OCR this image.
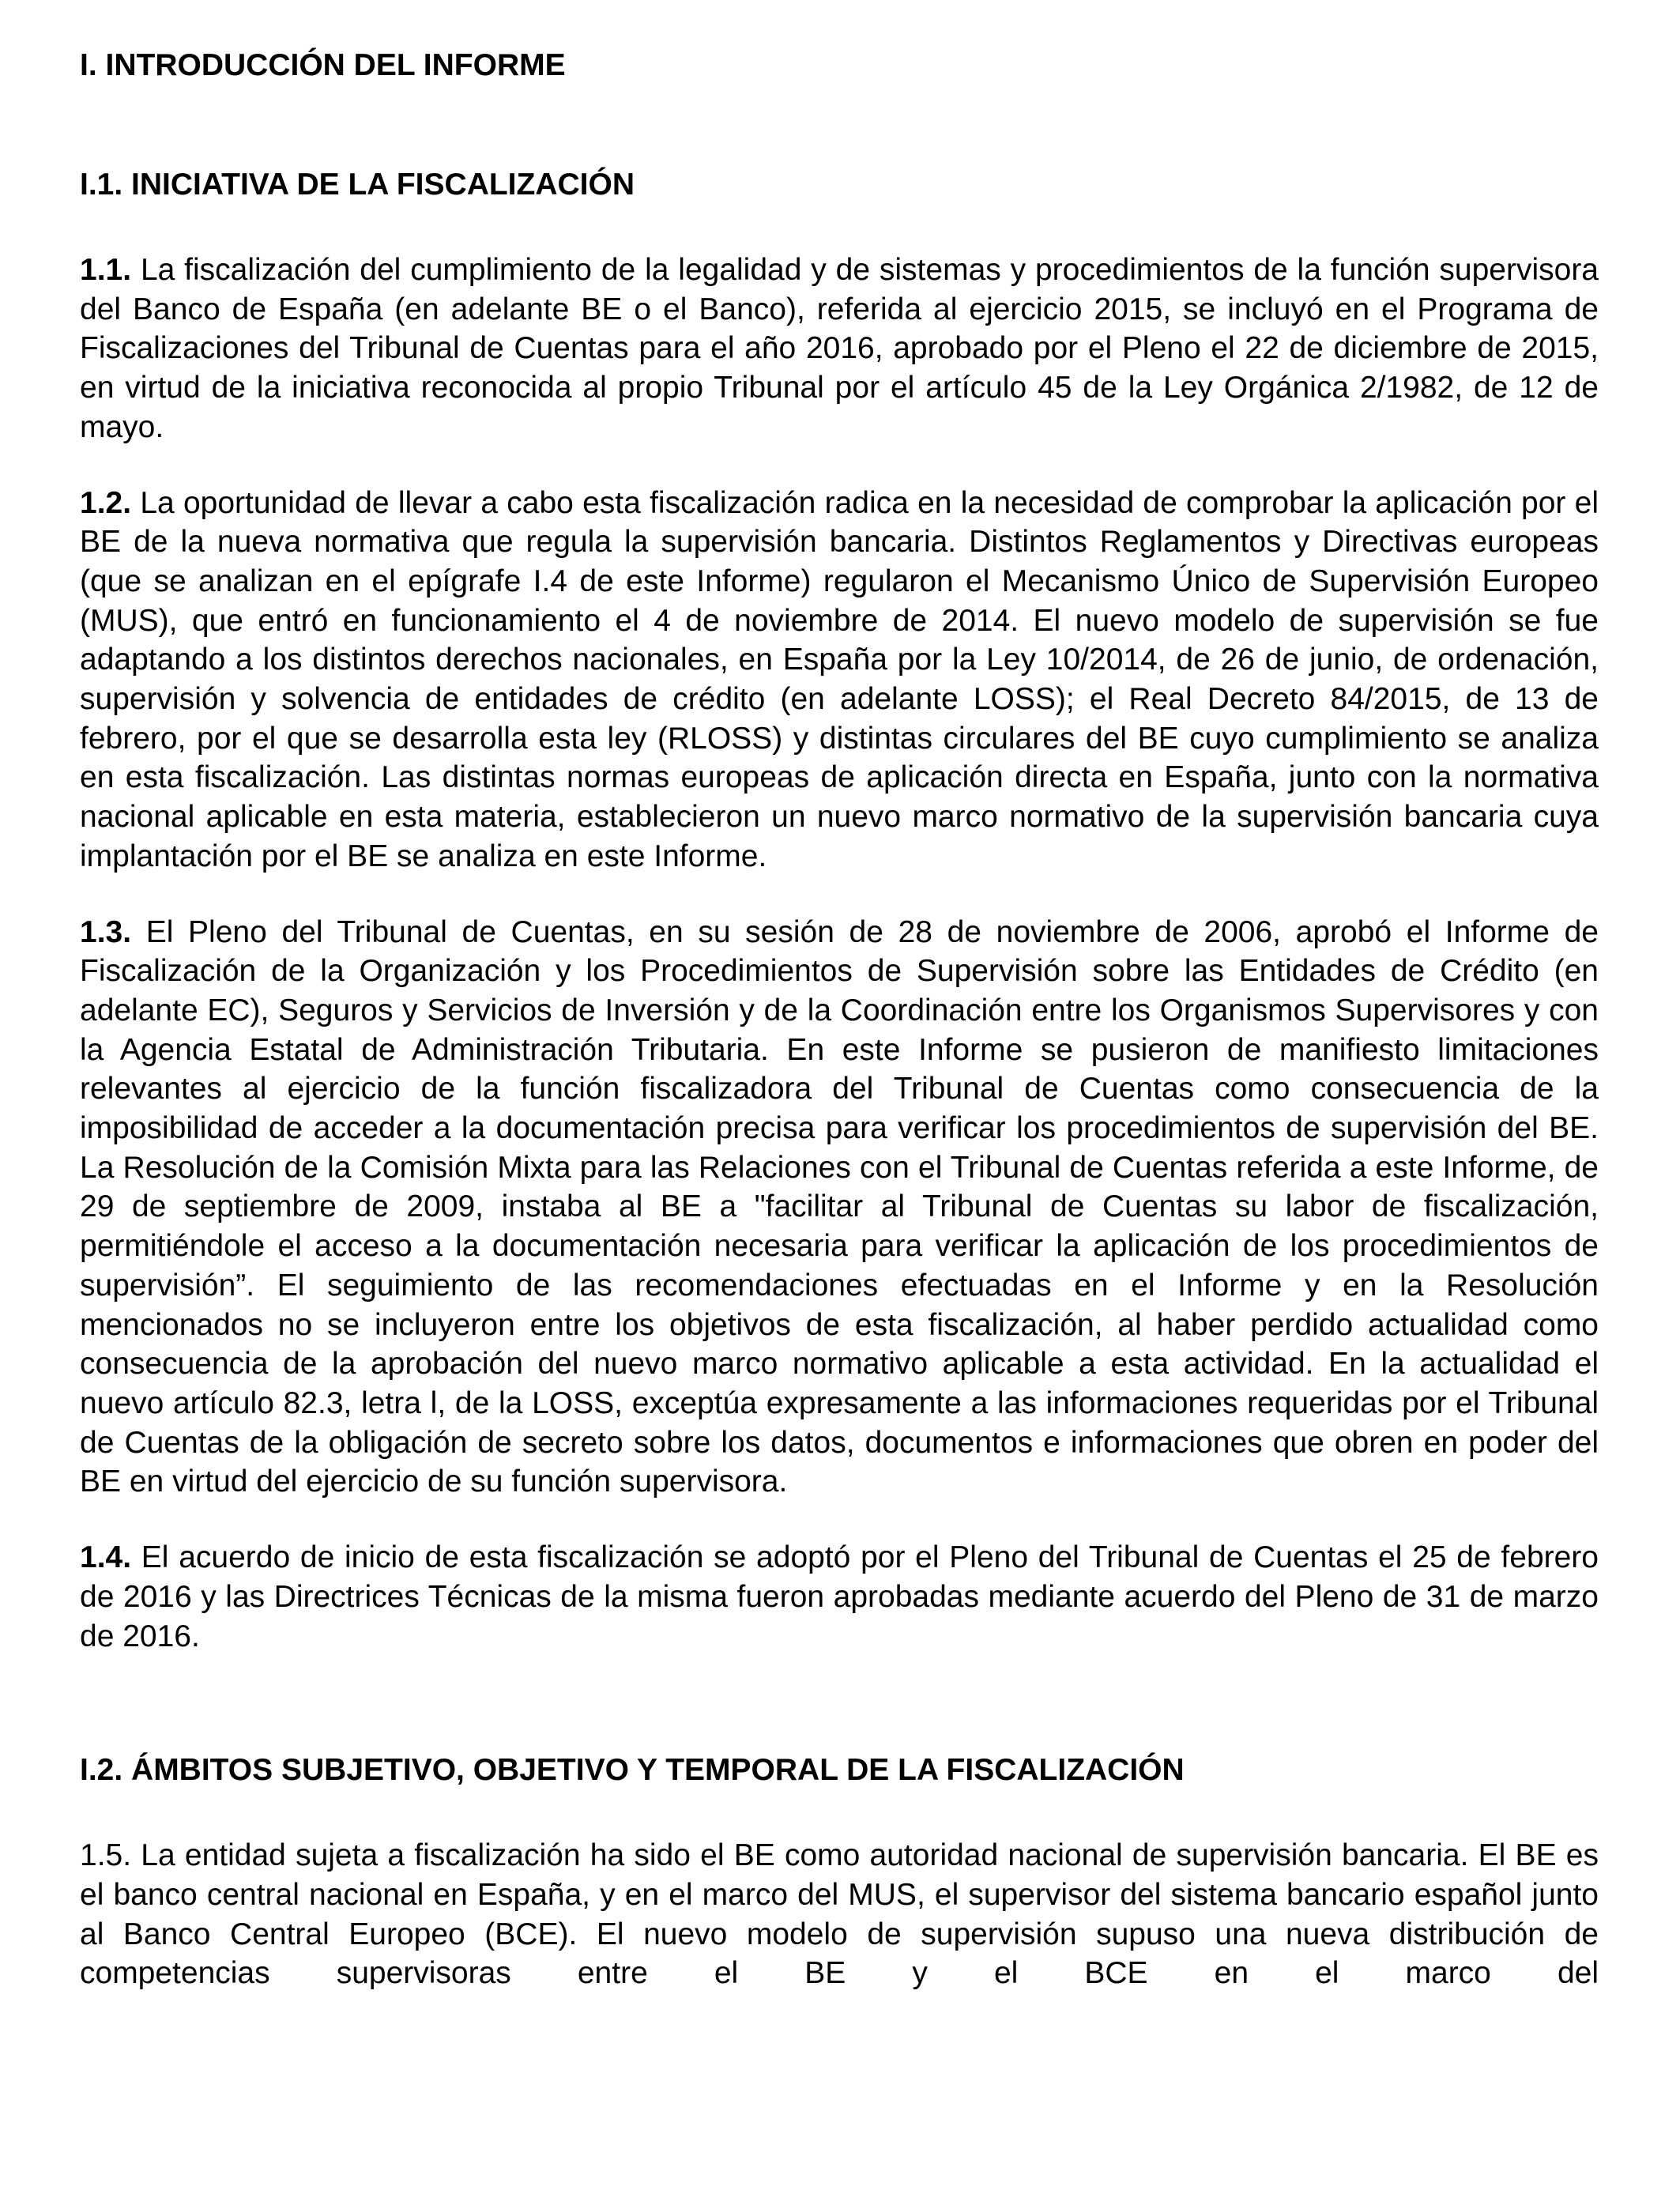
I. INTRODUCCIÓN DEL INFORME
I.1. INICIATIVA DE LA FISCALIZACIÓN

1.1. La fiscalización del cumplimiento de la legalidad y de sistemas y procedimientos de la función supervisora del Banco de España (en adelante BE o el Banco), referida al ejercicio 2015, se incluyó en el Programa de Fiscalizaciones del Tribunal de Cuentas para el año 2016, aprobado por el Pleno el 22 de diciembre de 2015, en virtud de la iniciativa reconocida al propio Tribunal por el artículo 45 de la Ley Orgánica 2/1982, de 12 de mayo.

1.2. La oportunidad de llevar a cabo esta fiscalización radica en la necesidad de comprobar la aplicación por el BE de la nueva normativa que regula la supervisión bancaria. Distintos Reglamentos y Directivas europeas (que se analizan en el epígrafe I.4 de este Informe) regularon el Mecanismo Único de Supervisión Europeo (MUS), que entró en funcionamiento el 4 de noviembre de 2014. El nuevo modelo de supervisión se fue adaptando a los distintos derechos nacionales, en España por la Ley 10/2014, de 26 de junio, de ordenación, supervisión y solvencia de entidades de crédito (en adelante LOSS); el Real Decreto 84/2015, de 13 de febrero, por el que se desarrolla esta ley (RLOSS) y distintas circulares del BE cuyo cumplimiento se analiza en esta fiscalización. Las distintas normas europeas de aplicación directa en España, junto con la normativa nacional aplicable en esta materia, establecieron un nuevo marco normativo de la supervisión bancaria cuya implantación por el BE se analiza en este Informe.

1.3. El Pleno del Tribunal de Cuentas, en su sesión de 28 de noviembre de 2006, aprobó el Informe de Fiscalización de la Organización y los Procedimientos de Supervisión sobre las Entidades de Crédito (en adelante EC), Seguros y Servicios de Inversión y de la Coordinación entre los Organismos Supervisores y con la Agencia Estatal de Administración Tributaria. En este Informe se pusieron de manifiesto limitaciones relevantes al ejercicio de la función fiscalizadora del Tribunal de Cuentas como consecuencia de la imposibilidad de acceder a la documentación precisa para verificar los procedimientos de supervisión del BE. La Resolución de la Comisión Mixta para las Relaciones con el Tribunal de Cuentas referida a este Informe, de 29 de septiembre de 2009, instaba al BE a "facilitar al Tribunal de Cuentas su labor de fiscalización, permitiéndole el acceso a la documentación necesaria para verificar la aplicación de los procedimientos de supervisión”. El seguimiento de las recomendaciones efectuadas en el Informe y en la Resolución mencionados no se incluyeron entre los objetivos de esta fiscalización, al haber perdido actualidad como consecuencia de la aprobación del nuevo marco normativo aplicable a esta actividad. En la actualidad el nuevo artículo 82.3, letra l, de la LOSS, exceptúa expresamente a las informaciones requeridas por el Tribunal de Cuentas de la obligación de secreto sobre los datos, documentos e informaciones que obren en poder del BE en virtud del ejercicio de su función supervisora.

1.4. El acuerdo de inicio de esta fiscalización se adoptó por el Pleno del Tribunal de Cuentas el 25 de febrero de 2016 y las Directrices Técnicas de la misma fueron aprobadas mediante acuerdo del Pleno de 31 de marzo de 2016.

I.2. ÁMBITOS SUBJETIVO, OBJETIVO Y TEMPORAL DE LA FISCALIZACIÓN

1.5. La entidad sujeta a fiscalización ha sido el BE como autoridad nacional de supervisión bancaria. El BE es el banco central nacional en España, y en el marco del MUS, el supervisor del sistema bancario español junto al Banco Central Europeo (BCE). El nuevo modelo de supervisión supuso una nueva distribución de competencias supervisoras entre el BE y el BCE en el marco del
